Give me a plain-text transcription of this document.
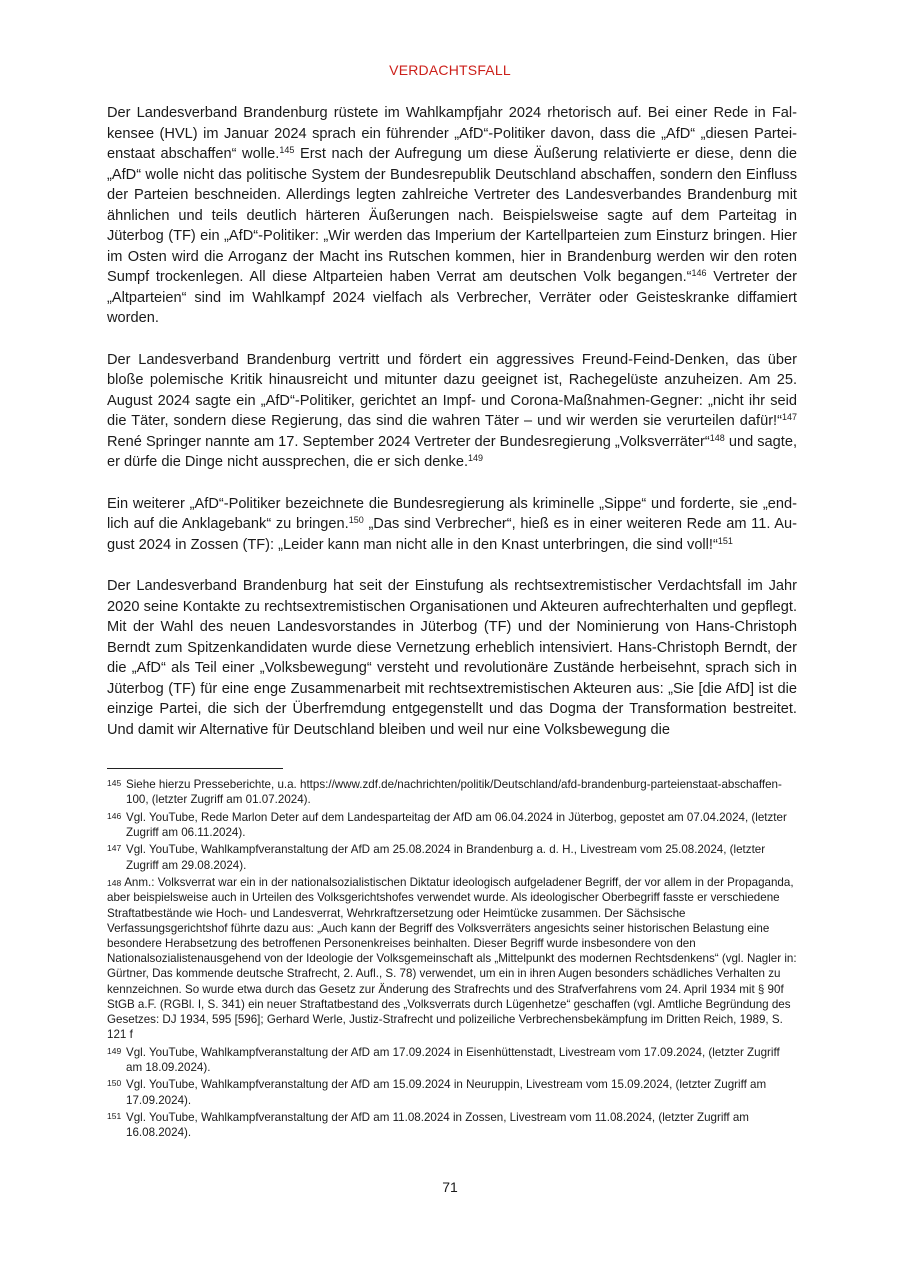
VERDACHTSFALL

Der Landesverband Brandenburg rüstete im Wahlkampfjahr 2024 rhetorisch auf. Bei einer Rede in Falkensee (HVL) im Januar 2024 sprach ein führender „AfD“-Politiker davon, dass die „AfD“ „diesen Parteienstaat abschaffen“ wolle.$^{145}$ Erst nach der Aufregung um diese Äußerung relativierte er diese, denn die „AfD“ wolle nicht das politische System der Bundesrepublik Deutschland abschaffen, sondern den Einfluss der Parteien beschneiden. Allerdings legten zahlreiche Vertreter des Landesverbandes Brandenburg mit ähnlichen und teils deutlich härteren Äußerungen nach. Beispielsweise sagte auf dem Parteitag in Jüterbog (TF) ein „AfD“-Politiker: „Wir werden das Imperium der Kartellparteien zum Einsturz bringen. Hier im Osten wird die Arroganz der Macht ins Rutschen kommen, hier in Brandenburg werden wir den roten Sumpf trockenlegen. All diese Altparteien haben Verrat am deutschen Volk begangen.“$^{146}$ Vertreter der „Altparteien“ sind im Wahlkampf 2024 vielfach als Verbrecher, Verräter oder Geisteskranke diffamiert worden.

Der Landesverband Brandenburg vertritt und fördert ein aggressives Freund-Feind-Denken, das über bloße polemische Kritik hinausreicht und mitunter dazu geeignet ist, Rachegelüste anzuheizen. Am 25. August 2024 sagte ein „AfD“-Politiker, gerichtet an Impf- und Corona-Maßnahmen-Gegner: „nicht ihr seid die Täter, sondern diese Regierung, das sind die wahren Täter – und wir werden sie verurteilen dafür!“$^{147}$ René Springer nannte am 17. September 2024 Vertreter der Bundesregierung „Volksverräter“$^{148}$ und sagte, er dürfe die Dinge nicht aussprechen, die er sich denke.$^{149}$

Ein weiterer „AfD“-Politiker bezeichnete die Bundesregierung als kriminelle „Sippe“ und forderte, sie „endlich auf die Anklagebank“ zu bringen.$^{150}$ „Das sind Verbrecher“, hieß es in einer weiteren Rede am 11. August 2024 in Zossen (TF): „Leider kann man nicht alle in den Knast unterbringen, die sind voll!“$^{151}$

Der Landesverband Brandenburg hat seit der Einstufung als rechtsextremistischer Verdachtsfall im Jahr 2020 seine Kontakte zu rechtsextremistischen Organisationen und Akteuren aufrechterhalten und gepflegt. Mit der Wahl des neuen Landesvorstandes in Jüterbog (TF) und der Nominierung von Hans-Christoph Berndt zum Spitzenkandidaten wurde diese Vernetzung erheblich intensiviert. Hans-Christoph Berndt, der die „AfD“ als Teil einer „Volksbewegung“ versteht und revolutionäre Zustände herbeisehnt, sprach sich in Jüterbog (TF) für eine enge Zusammenarbeit mit rechtsextremistischen Akteuren aus: „Sie [die AfD] ist die einzige Partei, die sich der Überfremdung entgegenstellt und das Dogma der Transformation bestreitet. Und damit wir Alternative für Deutschland bleiben und weil nur eine Volksbewegung die

145 Siehe hierzu Presseberichte, u.a. https://www.zdf.de/nachrichten/politik/Deutschland/afd-brandenburg-parteienstaat-abschaffen-100, (letzter Zugriff am 01.07.2024).
146 Vgl. YouTube, Rede Marlon Deter auf dem Landesparteitag der AfD am 06.04.2024 in Jüterbog, gepostet am 07.04.2024, (letzter Zugriff am 06.11.2024).
147 Vgl. YouTube, Wahlkampfveranstaltung der AfD am 25.08.2024 in Brandenburg a. d. H., Livestream vom 25.08.2024, (letzter Zugriff am 29.08.2024).
148 Anm.: Volksverrat war ein in der nationalsozialistischen Diktatur ideologisch aufgeladener Begriff, der vor allem in der Propaganda, aber beispielsweise auch in Urteilen des Volksgerichtshofes verwendet wurde. Als ideologischer Oberbegriff fasste er verschiedene Straftatbestände wie Hoch- und Landesverrat, Wehrkraftzersetzung oder Heimtücke zusammen. Der Sächsische Verfassungsgerichtshof führte dazu aus: „Auch kann der Begriff des Volksverräters angesichts seiner historischen Belastung eine besondere Herabsetzung des betroffenen Personenkreises beinhalten. Dieser Begriff wurde insbesondere von den Nationalsozialistenausgehend von der Ideologie der Volksgemeinschaft als „Mittelpunkt des modernen Rechtsdenkens“ (vgl. Nagler in: Gürtner, Das kommende deutsche Strafrecht, 2. Aufl., S. 78) verwendet, um ein in ihren Augen besonders schädliches Verhalten zu kennzeichnen. So wurde etwa durch das Gesetz zur Änderung des Strafrechts und des Strafverfahrens vom 24. April 1934 mit § 90f StGB a.F. (RGBl. I, S. 341) ein neuer Straftatbestand des „Volksverrats durch Lügenhetze“ geschaffen (vgl. Amtliche Begründung des Gesetzes: DJ 1934, 595 [596]; Gerhard Werle, Justiz-Strafrecht und polizeiliche Verbrechensbekämpfung im Dritten Reich, 1989, S. 121 f
149 Vgl. YouTube, Wahlkampfveranstaltung der AfD am 17.09.2024 in Eisenhüttenstadt, Livestream vom 17.09.2024, (letzter Zugriff am 18.09.2024).
150 Vgl. YouTube, Wahlkampfveranstaltung der AfD am 15.09.2024 in Neuruppin, Livestream vom 15.09.2024, (letzter Zugriff am 17.09.2024).
151 Vgl. YouTube, Wahlkampfveranstaltung der AfD am 11.08.2024 in Zossen, Livestream vom 11.08.2024, (letzter Zugriff am 16.08.2024).
71
